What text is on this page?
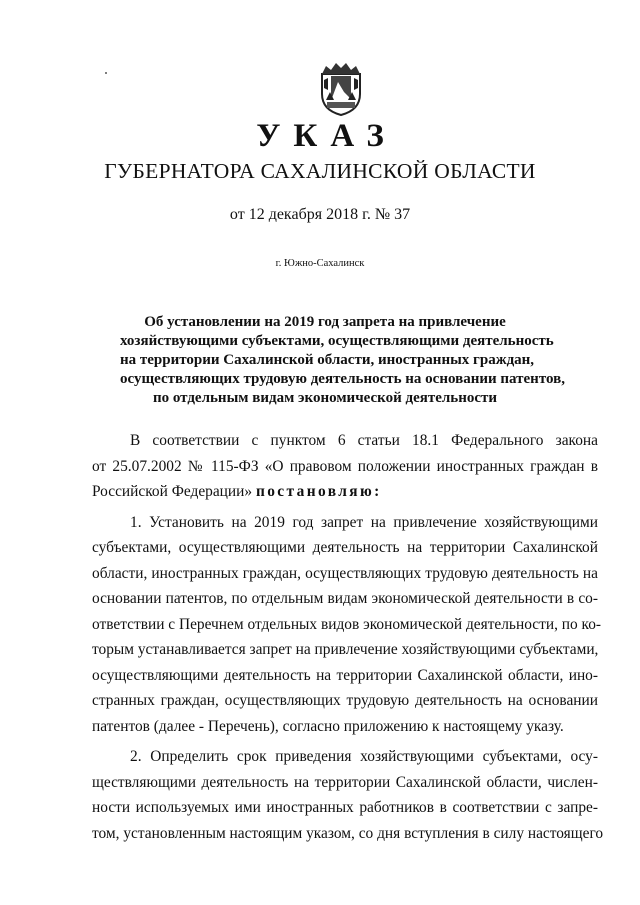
УКАЗ
ГУБЕРНАТОРА САХАЛИНСКОЙ ОБЛАСТИ
от 12 декабря 2018 г. № 37
г. Южно-Сахалинск
Об установлении на 2019 год запрета на привлечение
хозяйствующими субъектами, осуществляющими деятельность
на территории Сахалинской области, иностранных граждан,
осуществляющих трудовую деятельность на основании патентов,
по отдельным видам экономической деятельности
В соответствии с пунктом 6 статьи 18.1 Федерального закона
от 25.07.2002 № 115-ФЗ «О правовом положении иностранных граждан в
Российской Федерации» постановляю:
1. Установить на 2019 год запрет на привлечение хозяйствующими
субъектами, осуществляющими деятельность на территории Сахалинской
области, иностранных граждан, осуществляющих трудовую деятельность на
основании патентов, по отдельным видам экономической деятельности в со-
ответствии с Перечнем отдельных видов экономической деятельности, по ко-
торым устанавливается запрет на привлечение хозяйствующими субъектами,
осуществляющими деятельность на территории Сахалинской области, ино-
странных граждан, осуществляющих трудовую деятельность на основании
патентов (далее - Перечень), согласно приложению к настоящему указу.
2. Определить срок приведения хозяйствующими субъектами, осу-
ществляющими деятельность на территории Сахалинской области, числен-
ности используемых ими иностранных работников в соответствии с запре-
том, установленным настоящим указом, со дня вступления в силу настоящего
